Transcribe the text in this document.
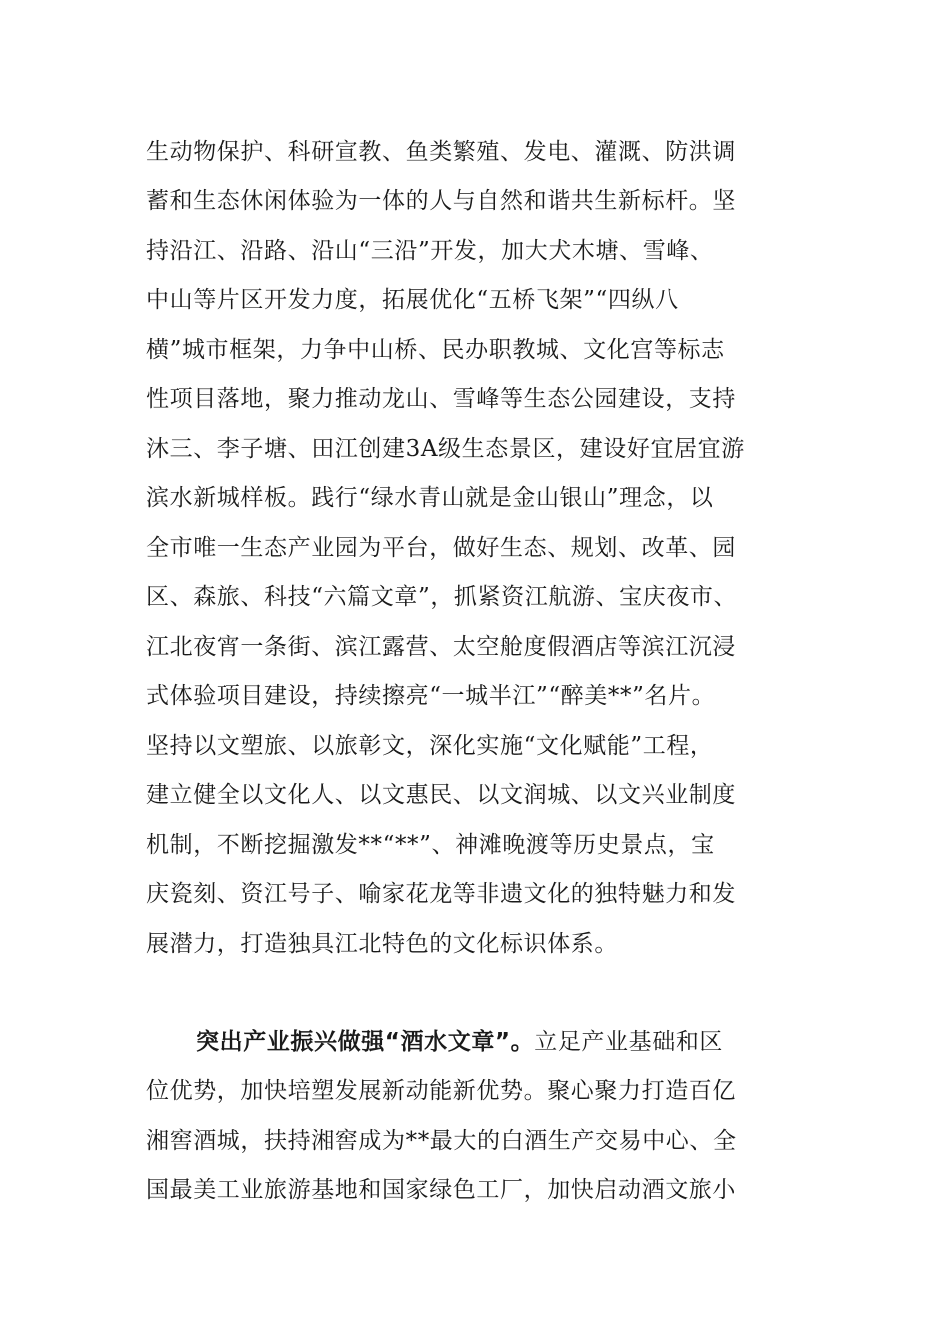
生动物保护、科研宣教、鱼类繁殖、发电、灌溉、防洪调
蓄和生态休闲体验为一体的人与自然和谐共生新标杆。坚
持沿江、沿路、沿山“三沿”开发，加大犬木塘、雪峰、
中山等片区开发力度，拓展优化“五桥飞架”“四纵八
横”城市框架，力争中山桥、民办职教城、文化宫等标志
性项目落地，聚力推动龙山、雪峰等生态公园建设，支持
沐三、李子塘、田江创建3A级生态景区，建设好宜居宜游
滨水新城样板。践行“绿水青山就是金山银山”理念，以
全市唯一生态产业园为平台，做好生态、规划、改革、园
区、森旅、科技“六篇文章”，抓紧资江航游、宝庆夜市、
江北夜宵一条街、滨江露营、太空舱度假酒店等滨江沉浸
式体验项目建设，持续擦亮“一城半江”“醉美**”名片。
坚持以文塑旅、以旅彰文，深化实施“文化赋能”工程，
建立健全以文化人、以文惠民、以文润城、以文兴业制度
机制，不断挖掘激发**“**”、神滩晚渡等历史景点，宝
庆瓷刻、资江号子、喻家花龙等非遗文化的独特魅力和发
展潜力，打造独具江北特色的文化标识体系。
突出产业振兴做强“酒水文章”。立足产业基础和区
位优势，加快培塑发展新动能新优势。聚心聚力打造百亿
湘窖酒城，扶持湘窖成为**最大的白酒生产交易中心、全
国最美工业旅游基地和国家绿色工厂，加快启动酒文旅小
